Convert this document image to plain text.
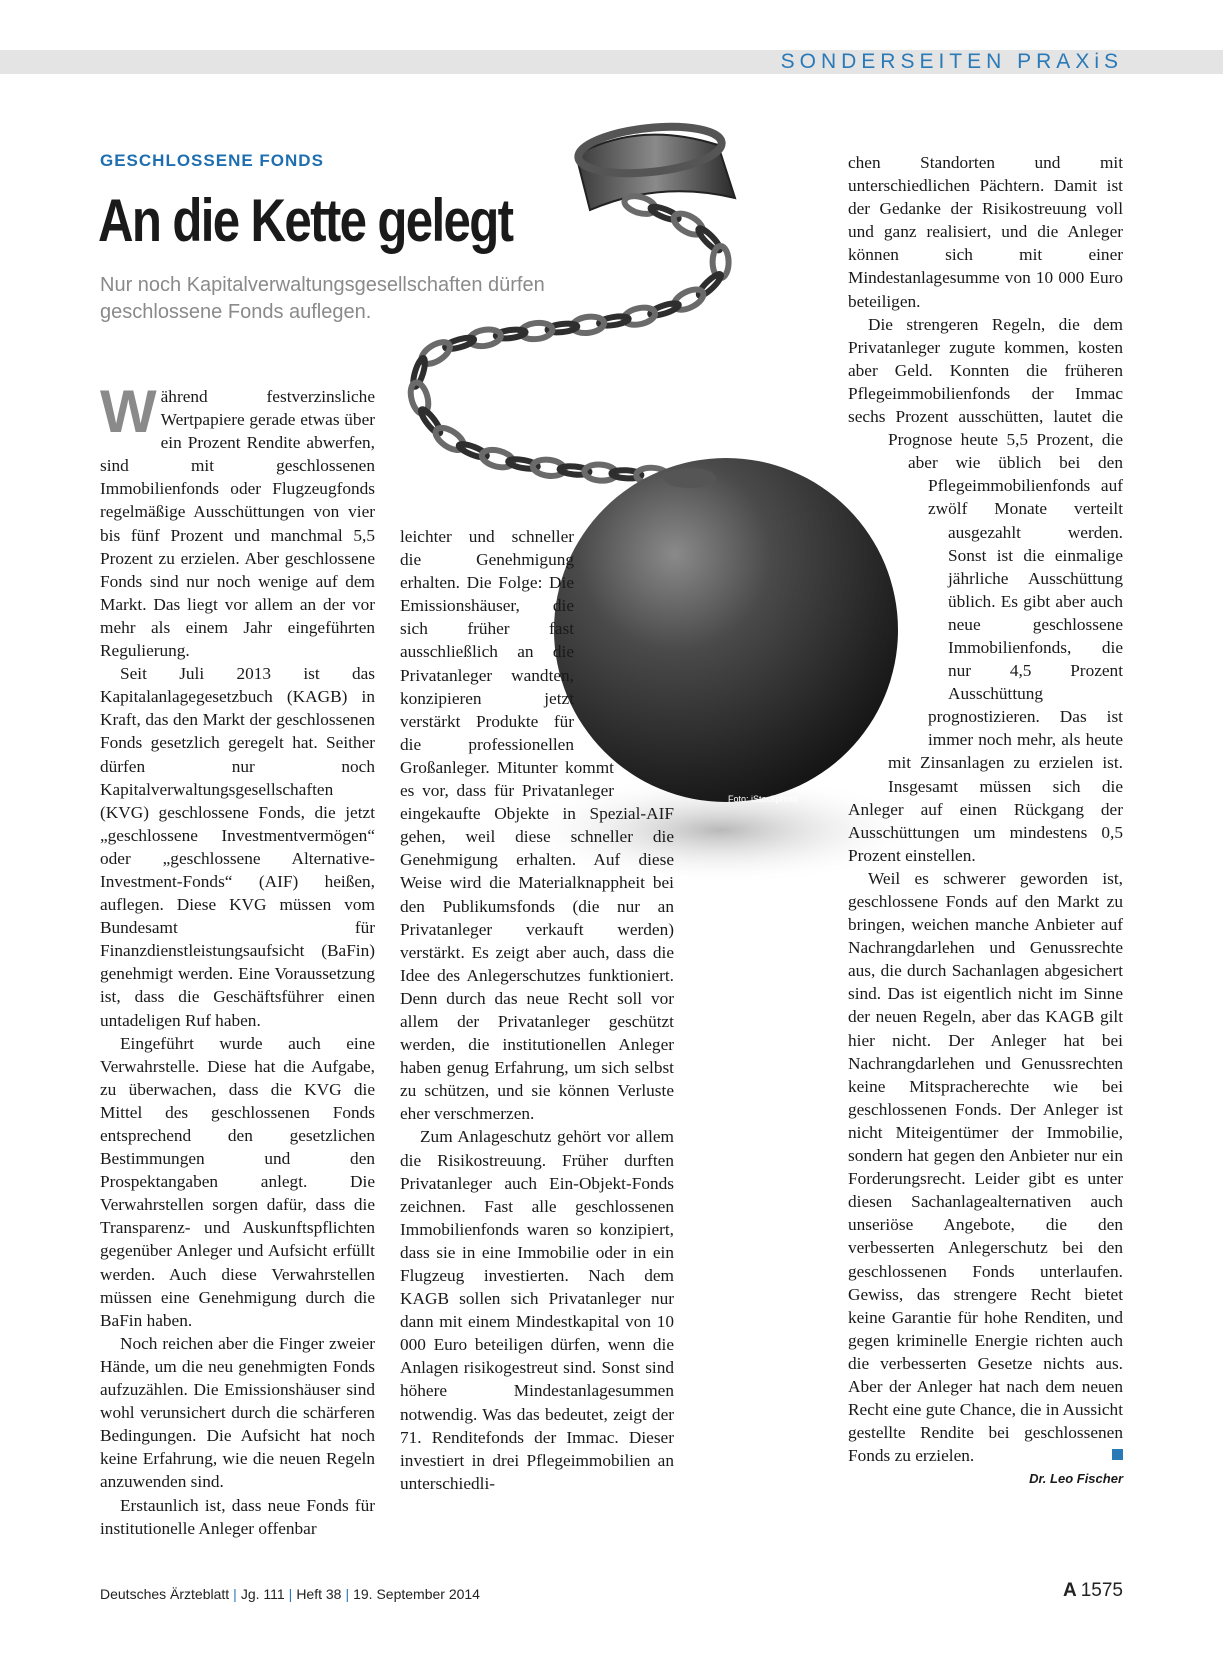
SONDERSEITEN PRAXiS
GESCHLOSSENE FONDS
An die Kette gelegt
Nur noch Kapitalverwaltungsgesellschaften dürfen geschlossene Fonds auflegen.

Während festverzinsliche Wertpapiere gerade etwas über ein Prozent Rendite abwerfen, sind mit geschlossenen Immobilienfonds oder Flugzeugfonds regelmäßige Ausschüttungen von vier bis fünf Prozent und manchmal 5,5 Prozent zu erzielen. Aber geschlossene Fonds sind nur noch wenige auf dem Markt. Das liegt vor allem an der vor mehr als einem Jahr eingeführten Regulierung.

Seit Juli 2013 ist das Kapitalanlagegesetzbuch (KAGB) in Kraft, das den Markt der geschlossenen Fonds gesetzlich geregelt hat. Seither dürfen nur noch Kapitalverwaltungsgesellschaften (KVG) geschlossene Fonds, die jetzt „geschlossene Investmentvermögen“ oder „geschlossene Alternative-Investment-Fonds“ (AIF) heißen, auflegen. Diese KVG müssen vom Bundesamt für Finanzdienstleistungsaufsicht (BaFin) genehmigt werden. Eine Voraussetzung ist, dass die Geschäftsführer einen untadeligen Ruf haben.

Eingeführt wurde auch eine Verwahrstelle. Diese hat die Aufgabe, zu überwachen, dass die KVG die Mittel des geschlossenen Fonds entsprechend den gesetzlichen Bestimmungen und den Prospektangaben anlegt. Die Verwahrstellen sorgen dafür, dass die Transparenz- und Auskunftspflichten gegenüber Anleger und Aufsicht erfüllt werden. Auch diese Verwahrstellen müssen eine Genehmigung durch die BaFin haben.

Noch reichen aber die Finger zweier Hände, um die neu genehmigten Fonds aufzuzählen. Die Emissionshäuser sind wohl verunsichert durch die schärferen Bedingungen. Die Aufsicht hat noch keine Erfahrung, wie die neuen Regeln anzuwenden sind.

Erstaunlich ist, dass neue Fonds für institutionelle Anleger offenbar

leichter und schneller die Genehmigung erhalten. Die Folge: Die Emissionshäuser, die sich früher fast ausschließlich an die Privatanleger wandten, konzipieren jetzt verstärkt Produkte für die professionellen Großanleger. Mitunter kommt es vor, dass für Privatanleger eingekaufte Objekte in Spezial-AIF gehen, weil diese schneller die Genehmigung erhalten. Auf diese Weise wird die Materialknappheit bei den Publikumsfonds (die nur an Privatanleger verkauft werden) verstärkt. Es zeigt aber auch, dass die Idee des Anlegerschutzes funktioniert. Denn durch das neue Recht soll vor allem der Privatanleger geschützt werden, die institutionellen Anleger haben genug Erfahrung, um sich selbst zu schützen, und sie können Verluste eher verschmerzen.

Zum Anlageschutz gehört vor allem die Risikostreuung. Früher durften Privatanleger auch Ein-Objekt-Fonds zeichnen. Fast alle geschlossenen Immobilienfonds waren so konzipiert, dass sie in eine Immobilie oder in ein Flugzeug investierten. Nach dem KAGB sollen sich Privatanleger nur dann mit einem Mindestkapital von 10 000 Euro beteiligen dürfen, wenn die Anlagen risikogestreut sind. Sonst sind höhere Mindestanlagesummen notwendig. Was das bedeutet, zeigt der 71. Renditefonds der Immac. Dieser investiert in drei Pflegeimmobilien an unterschiedli-

chen Standorten und mit unterschiedlichen Pächtern. Damit ist der Gedanke der Risikostreuung voll und ganz realisiert, und die Anleger können sich mit einer Mindestanlagesumme von 10 000 Euro beteiligen.

Die strengeren Regeln, die dem Privatanleger zugute kommen, kosten aber Geld. Konnten die früheren Pflegeimmobilienfonds der Immac sechs Prozent ausschütten, lautet die Prognose heute 5,5 Prozent, die aber wie üblich bei den Pflegeimmobilienfonds auf zwölf Monate verteilt ausgezahlt werden. Sonst ist die einmalige jährliche Ausschüttung üblich. Es gibt aber auch neue geschlossene Immobilienfonds, die nur 4,5 Prozent Ausschüttung prognostizieren. Das ist immer noch mehr, als heute mit Zinsanlagen zu erzielen ist. Insgesamt müssen sich die Anleger auf einen Rückgang der Ausschüttungen um mindestens 0,5 Prozent einstellen.

Weil es schwerer geworden ist, geschlossene Fonds auf den Markt zu bringen, weichen manche Anbieter auf Nachrangdarlehen und Genussrechte aus, die durch Sachanlagen abgesichert sind. Das ist eigentlich nicht im Sinne der neuen Regeln, aber das KAGB gilt hier nicht. Der Anleger hat bei Nachrangdarlehen und Genussrechten keine Mitspracherechte wie bei geschlossenen Fonds. Der Anleger ist nicht Miteigentümer der Immobilie, sondern hat gegen den Anbieter nur ein Forderungsrecht. Leider gibt es unter diesen Sachanlagealternativen auch unseriöse Angebote, die den verbesserten Anlegerschutz bei den geschlossenen Fonds unterlaufen. Gewiss, das strengere Recht bietet keine Garantie für hohe Renditen, und gegen kriminelle Energie richten auch die verbesserten Gesetze nichts aus. Aber der Anleger hat nach dem neuen Recht eine gute Chance, die in Aussicht gestellte Rendite bei geschlossenen Fonds zu erzielen.

Dr. Leo Fischer

Foto: iStockphoto
Deutsches Ärzteblatt | Jg. 111 | Heft 38 | 19. September 2014	A 1575
